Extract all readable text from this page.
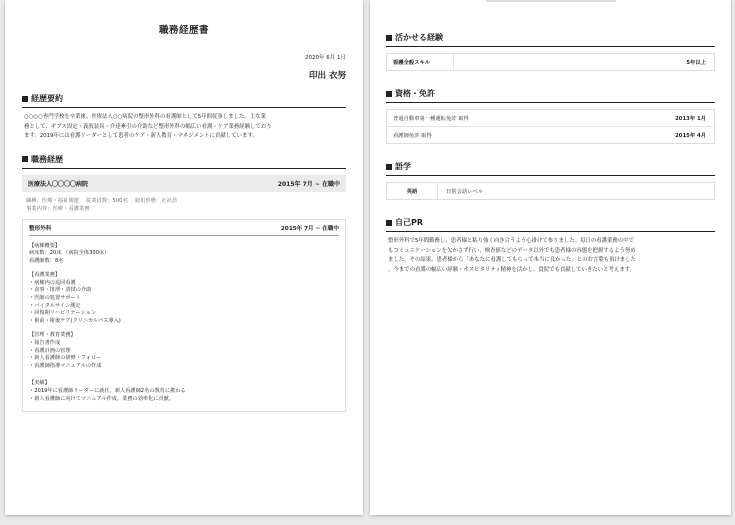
職務経歴書
2020年 6月 1日
印出 衣努
経歴要約
○○○○専門学校を卒業後、医療法人○○病院の整形外科の看護師として5年間従事しました。主な業
務として、ギプス固定・義肢装具・介達牽引の介助など整形外科の幅広い看護・ケア業務経験しており
ます。2019年には看護リーダーとして患者のケア・新人教育・マネジメントに貢献しています。
職務経歴
医療法人〇〇〇〇病院	2015年 7月 ~ 在職中
職種：医療・福祉関連　 従業員数：500名　 雇用形態：正社員
事業内容：医療・看護業務
整形外科	2015年 7月 ~ 在職中
【病棟概要】
病床数：20床 （病院全体300床）
看護師数：8名
【看護業務】
・病棟内の巡回看護
・食事・排泄・清拭の介助
・医師の処置サポート
・バイタルサイン測定
・回復期リハビリテーション
・術前・術後ケア(クリニカルパス導入)
【管理・教育業務】
・報告書作成
・看護計画の管理
・新人看護師の研修・フォロー
・看護師指導マニュアルの作成
【実績】
・2019年に看護師リーダーに就任。新人看護師2名の教育に携わる
・新人看護師に向けてマニュアル作成。業務の効率化に貢献。
活かせる経験
看護全般スキル	5年以上
資格・免許
普通自動車第一種運転免許 取得	2013年 1月
看護師免許 取得	2015年 4月
語学
英語	日常会話レベル
自己PR
整形外科で5年間勤務し、患者様と粘り強く向き合うよう心掛けて参りました。毎日の看護業務の中で
もコミュニケーションを欠かさず行い、検査値などのデータ以外でも患者様の容態を把握するよう努め
ました。その結果、患者様から「あなたに看護してもらって本当に良かった」とのお言葉も頂けました
。今までの看護の幅広い経験・ホスピタリティ精神を活かし、貴院でも貢献していきたいと考えます。
